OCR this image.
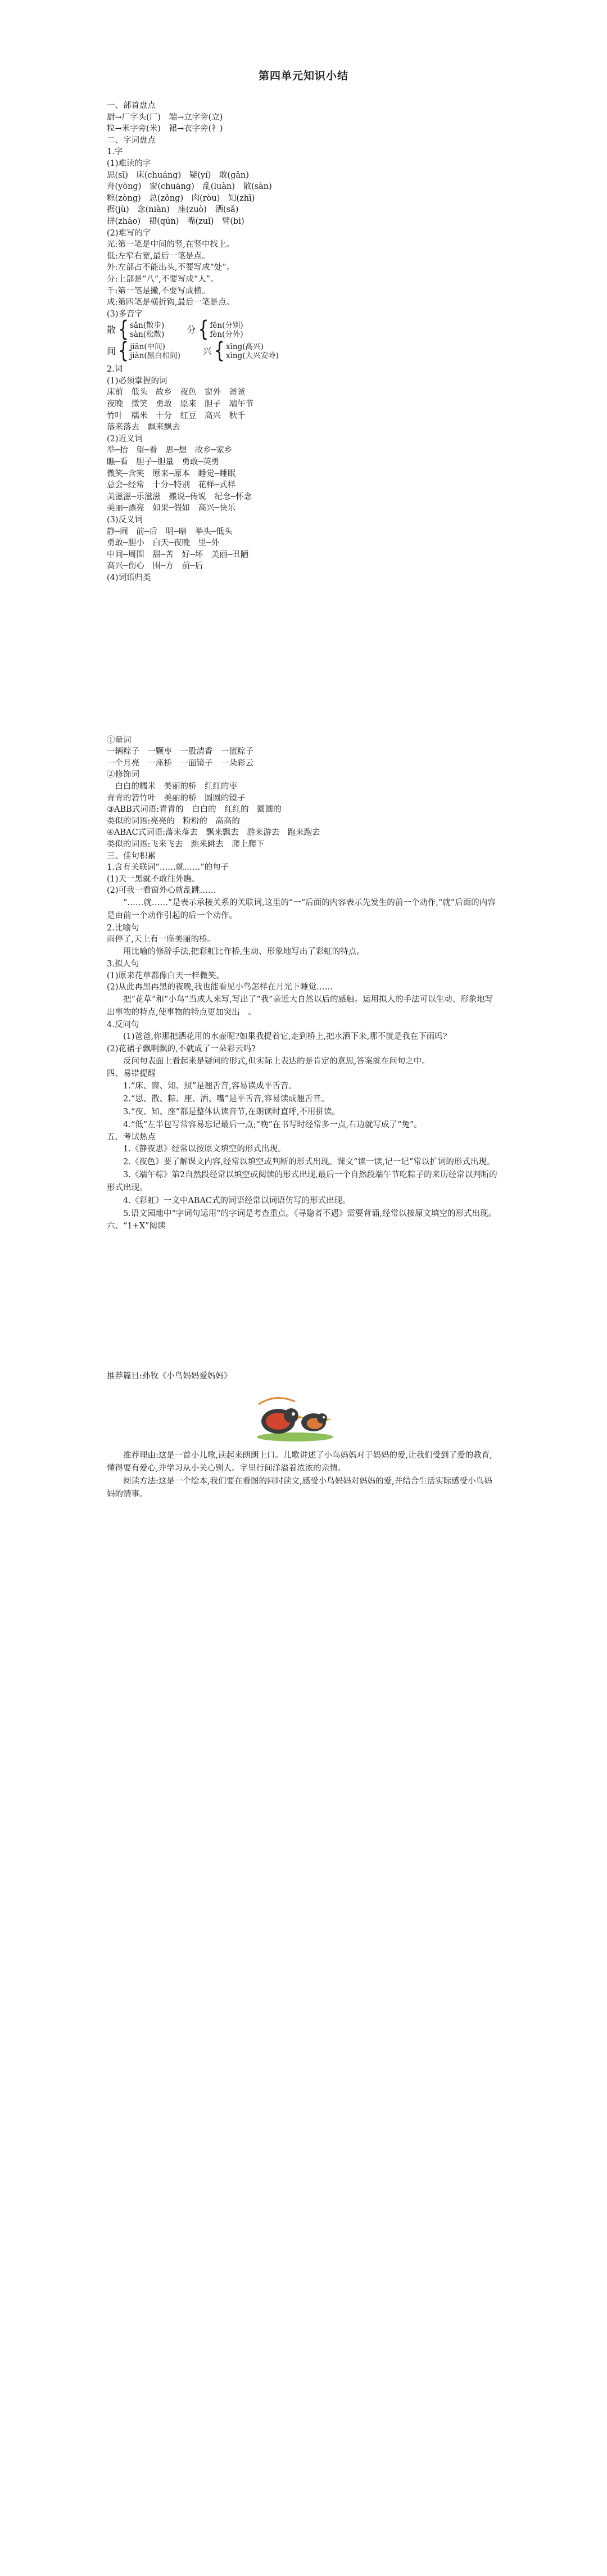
第四单元知识小结
一、部首盘点
厨→厂字头(厂)　端→立字旁(立)
粒→米字旁(米)　裙→衣字旁(衤)
二、字词盘点
1.字
(1)难读的字
思(sī)　床(chuáng)　疑(yí)　敢(gǎn)
舟(yōng)　窗(chuāng)　乱(luàn)　散(sàn)
粽(zòng)　总(zǒng)　肉(ròu)　知(zhī)
据(jù)　念(niàn)　座(zuò)　洒(sǎ)
拼(zhāo)　裙(qún)　嘴(zuǐ)　臂(bì)
(2)难写的字
光:第一笔是中间的竖,在竖中找上。
低:左窄右宽,最后一笔是点。
外:左部占不能出头,不要写成“处”。
分:上部是“八”,不要写成“人”。
千:第一笔是撇,不要写成横。
成:第四笔是横折钩,最后一笔是点。
(3)多音字
散 { sǎn(散步)
sàn(松散)	分 { fēn(分别)
fèn(分外)
间 { jiān(中间)
jiàn(黑白相间)	兴 { xīng(高兴)
xìng(大兴安岭)
2.词
(1)必须掌握的词
床前　低头　故乡　夜色　窗外　爸爸
夜晚　微笑　勇敢　原来　胆子　端午节
竹叶　糯米　十分　红豆　高兴　秋千
落来落去　飘来飘去
(2)近义词
举─抬　望─看　思─想　故乡─家乡
瞧─看　胆子─胆量　勇敢─英勇
微笑─含笑　原来─原本　睡觉─睡眠
总会─经常　十分─特别　花样─式样
美滋滋─乐滋滋　搬说─传说　纪念─怀念
美丽─漂亮　如果─假如　高兴─快乐
(3)反义词
静─闹　前─后　明─暗　举头─低头
勇敢─胆小　白天─夜晚　里─外
中间─周围　甜─苦　好─坏　美丽─丑陋
高兴─伤心　围─方　前─后
(4)词语归类
①量词
一辆粽子　一颗枣　一股清香　一篮粽子
一个月亮　一座桥　一面镜子　一朵彩云
②修饰词
　白白的糯米　美丽的桥　红红的枣
青青的箬竹叶　美丽的桥　圆圆的镜子
③ABB式词语:青青的　白白的　红红的　圆圆的
类似的词语:亮亮的　粉粉的　高高的
④ABAC式词语:落来落去　飘来飘去　游来游去　跑来跑去
类似的词语:飞来飞去　跳来跳去　爬上爬下
三、佳句积累
1.含有关联词“……就……”的句子
(1)天一黑就不敢往外瞧。
(2)可我一看窗外心就乱跳……
“……就……”是表示承接关系的关联词,这里的“一”后面的内容表示先发生的前一个动作,“就”后面的内容是由前一个动作引起的后一个动作。
2.比喻句
雨停了,天上有一座美丽的桥。
用比喻的修辞手法,把彩虹比作桥,生动、形象地写出了彩虹的特点。
3.拟人句
(1)原来花草都像白天一样微笑。
(2)从此再黑再黑的夜晚,我也能看见小鸟怎样在月光下睡觉……
把“花草”和“小鸟”当成人来写,写出了“我”亲近大自然以后的感触。运用拟人的手法可以生动、形象地写出事物的特点,使事物的特点更加突出　。
4.反问句
(1)爸爸,你那把洒花用的水壶呢?如果我提着它,走到桥上,把水洒下来,那不就是我在下雨吗?
(2)花裙子飘啊飘的,不就成了一朵彩云吗?
反问句表面上看起来是疑问的形式,但实际上表达的是肯定的意思,答案就在问句之中。
四、易错提醒
1.“床、窗、知、照”是翘舌音,容易读成平舌音。
2.“思、散、粽、座、洒、嘴”是平舌音,容易读成翘舌音。
3.“夜、知、座”都是整体认读音节,在朗读时直呼,不用拼读。
4.“低”左半包写常容易忘记最后一点;“晚”在书写时经常多一点,右边就写成了“兔”。
五、考试热点
1.《静夜思》经常以按原文填空的形式出现。
2.《夜色》要了解课文内容,经常以填空或判断的形式出现。课文“读一读,记一记”常以扩词的形式出现。
3.《端午粽》第2自然段经常以填空或阅读的形式出现,最后一个自然段端午节吃粽子的来历经常以判断的形式出现。
4.《彩虹》一文中ABAC式的词语经常以词语仿写的形式出现。
5.语文园地中“字词句运用”的字词是考查重点。《寻隐者不遇》需要背诵,经常以按原文填空的形式出现。
六、“1+X”阅读
推荐篇目:孙牧《小鸟妈妈爱妈妈》
推荐理由:这是一首小儿歌,读起来朗朗上口。儿歌讲述了小鸟妈妈对于妈妈的爱,让我们受到了爱的教育,懂得要有爱心,并学习从小关心别人。字里行间洋溢着浓浓的亲情。
阅读方法:这是一个绘本,我们要在看图的同时读文,感受小鸟妈妈对妈妈的爱,并结合生活实际感受小鸟妈妈的情事。
